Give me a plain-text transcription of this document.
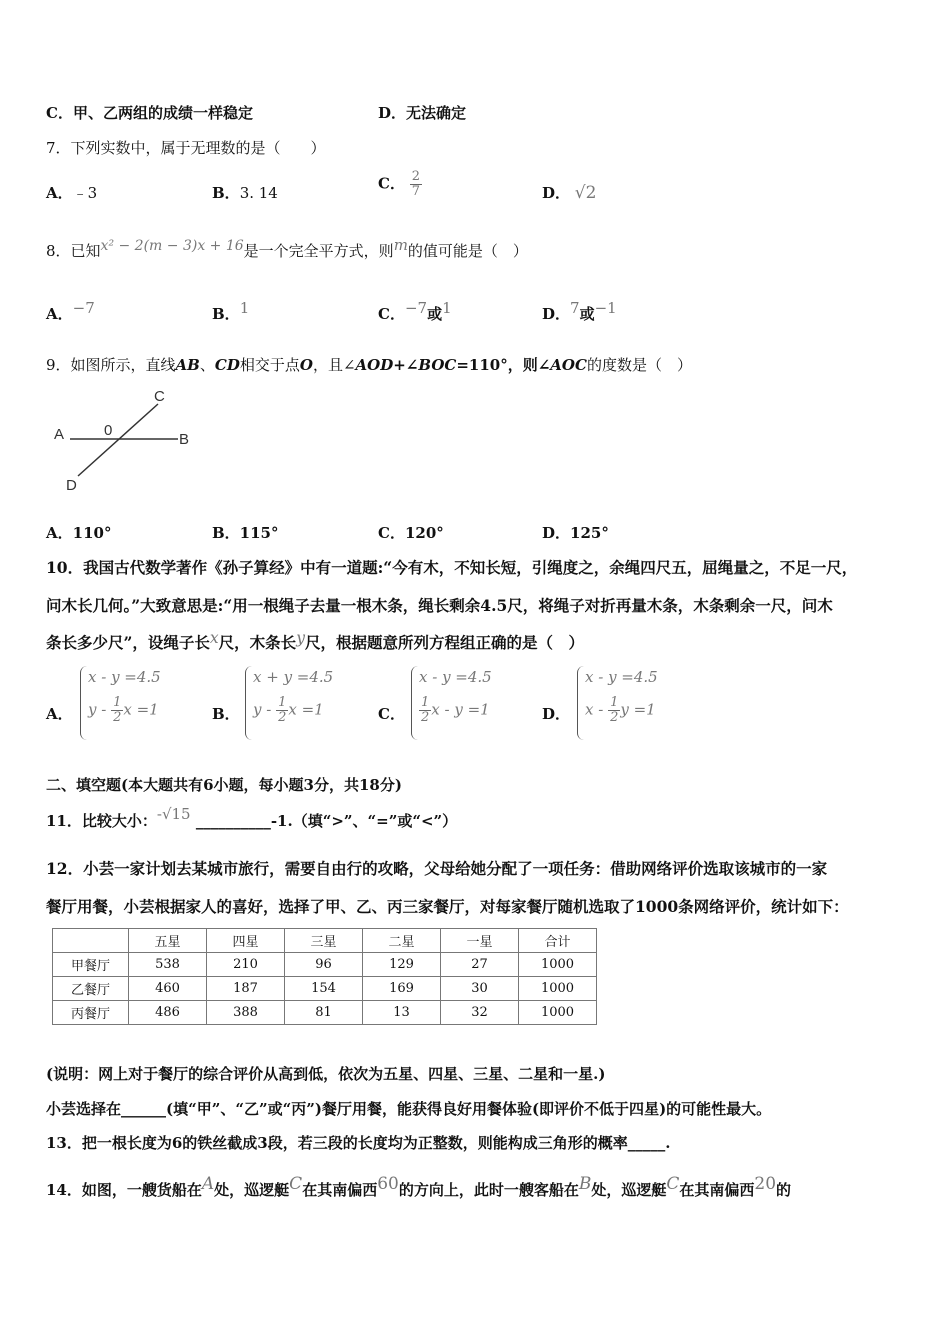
C．甲、乙两组的成绩一样稳定	D．无法确定
7．下列实数中，属于无理数的是（　　）
A．﹣3	B．3. 14
C． $\frac{2}{7}$	D． √2
8．已知x² − 2(m − 3)x + 16是一个完全平方式，则m的值可能是（　）
A．−7	B．1	C．−7或1	D．7或−1
9．如图所示，直线AB、CD相交于点O，且∠AOD+∠BOC=110°，则∠AOC的度数是（　）
A	0
B
C
D
A．110°	B．115°	C．120°	D．125°
10．我国古代数学著作《孙子算经》中有一道题:“今有木，不知长短，引绳度之，余绳四尺五，屈绳量之，不足一尺，
问木长几何。”大致意思是:“用一根绳子去量一根木条，绳长剩余4.5尺，将绳子对折再量木条，木条剩余一尺，问木
条长多少尺”，设绳子长x尺，木条长y尺，根据题意所列方程组正确的是（　）
A．
x - y =4.5
y - $\frac{1}{2}$ x =1	B．
x + y =4.5
y - $\frac{1}{2}$ x =1	C．
x - y =4.5
$\frac{1}{2}$ x - y =1	D．
x - y =4.5
x - $\frac{1}{2}$ y =1
二、填空题(本大题共有6小题，每小题3分，共18分)
11．比较大小：-√15 __________-1.（填“>”、“=”或“<”）
12．小芸一家计划去某城市旅行，需要自由行的攻略，父母给她分配了一项任务：借助网络评价选取该城市的一家
餐厅用餐，小芸根据家人的喜好，选择了甲、乙、丙三家餐厅，对每家餐厅随机选取了1000条网络评价，统计如下：
	五星	四星	三星	二星	一星	合计
甲餐厅	538	210	96	129	27	1000
乙餐厅	460	187	154	169	30	1000
丙餐厅	486	388	81	13	32	1000
(说明：网上对于餐厅的综合评价从高到低，依次为五星、四星、三星、二星和一星.)
小芸选择在______(填“甲”、“乙”或“丙”)餐厅用餐，能获得良好用餐体验(即评价不低于四星)的可能性最大。
13．把一根长度为6的铁丝截成3段，若三段的长度均为正整数，则能构成三角形的概率_____.
14．如图，一艘货船在A处，巡逻艇C在其南偏西60的方向上，此时一艘客船在B处，巡逻艇C在其南偏西20的
